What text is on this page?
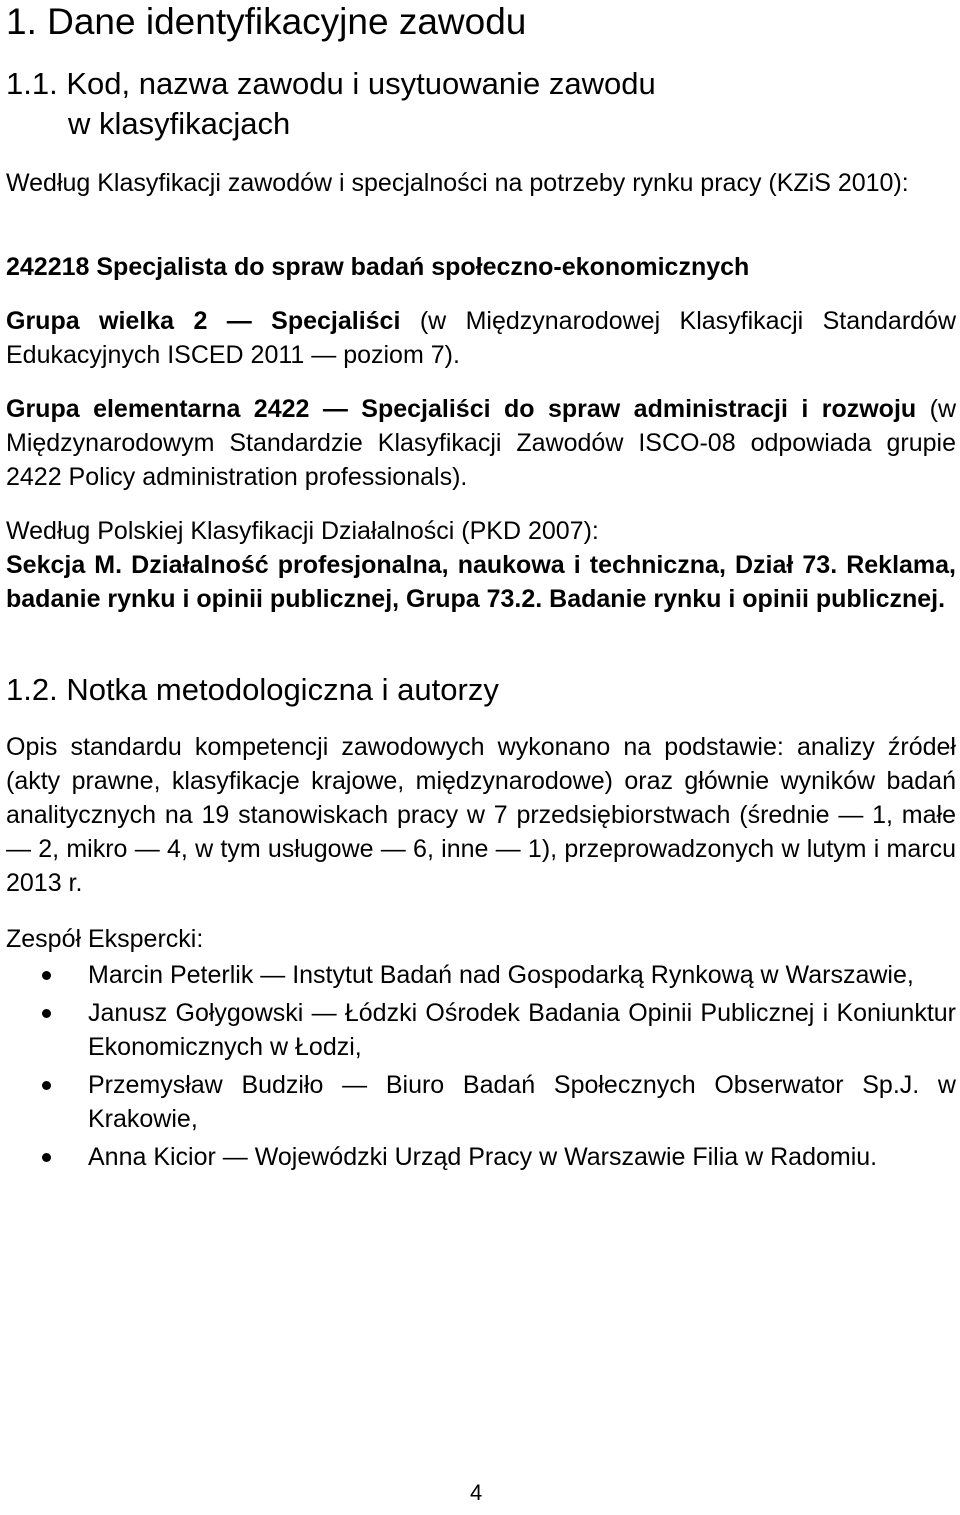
1. Dane identyfikacyjne zawodu
1.1. Kod, nazwa zawodu i usytuowanie zawodu
w klasyfikacjach

Według Klasyfikacji zawodów i specjalności na potrzeby rynku pracy (KZiS 2010):

242218 Specjalista do spraw badań społeczno-ekonomicznych

Grupa wielka 2 — Specjaliści (w Międzynarodowej Klasyfikacji Standardów Edukacyjnych ISCED 2011 — poziom 7).

Grupa elementarna 2422 — Specjaliści do spraw administracji i rozwoju (w Międzynarodowym Standardzie Klasyfikacji Zawodów ISCO-08 odpowiada grupie 2422 Policy administration professionals).

Według Polskiej Klasyfikacji Działalności (PKD 2007):

Sekcja M. Działalność profesjonalna, naukowa i techniczna, Dział 73. Reklama, badanie rynku i opinii publicznej, Grupa 73.2. Badanie rynku i opinii publicznej.

1.2. Notka metodologiczna i autorzy

Opis standardu kompetencji zawodowych wykonano na podstawie: analizy źródeł (akty prawne, klasyfikacje krajowe, międzynarodowe) oraz głównie wyników badań analitycznych na 19 stanowiskach pracy w 7 przedsiębiorstwach (średnie — 1, małe — 2, mikro — 4, w tym usługowe — 6, inne — 1), przeprowadzonych w lutym i marcu 2013 r.

Zespół Ekspercki:

Marcin Peterlik — Instytut Badań nad Gospodarką Rynkową w Warszawie,
Janusz Gołygowski — Łódzki Ośrodek Badania Opinii Publicznej i Koniunktur Ekonomicznych w Łodzi,
Przemysław Budziło — Biuro Badań Społecznych Obserwator Sp.J. w Krakowie,
Anna Kicior — Wojewódzki Urząd Pracy w Warszawie Filia w Radomiu.
4
